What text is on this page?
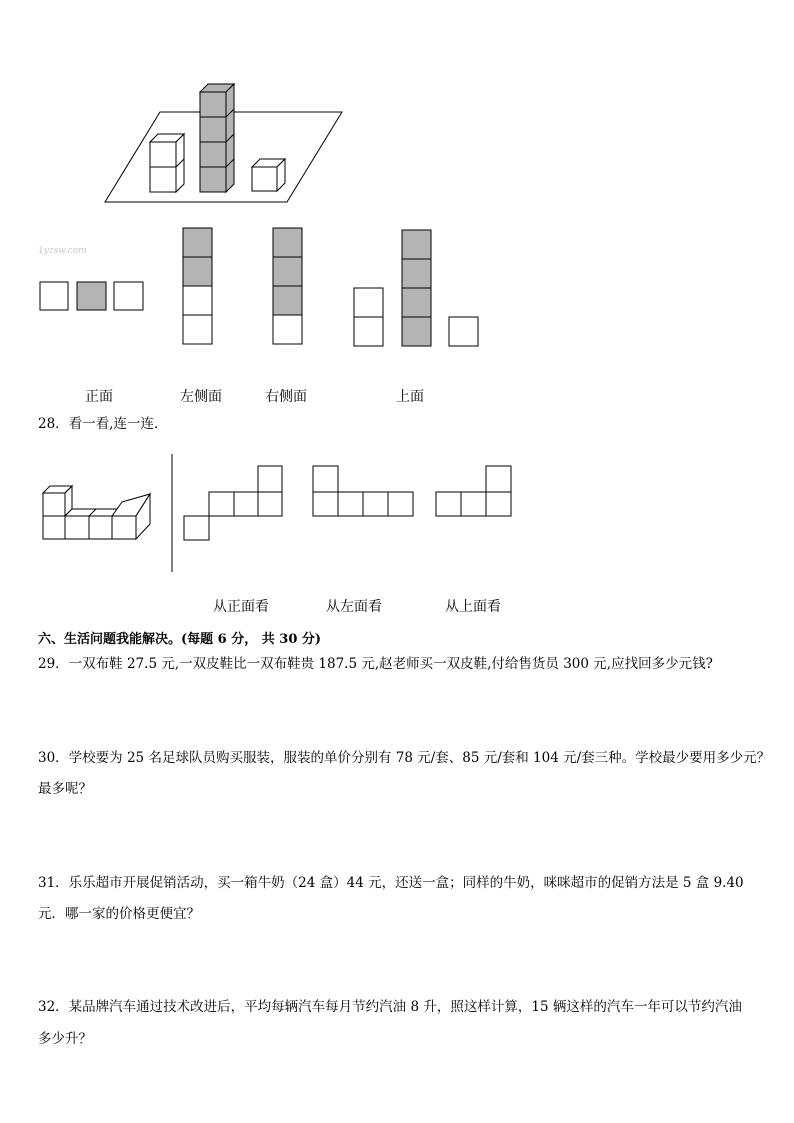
1yzsw.com
正面	左侧面	右侧面	上面
28．看一看,连一连．
从正面看	从左面看	从上面看
六、生活问题我能解决。(每题 6 分， 共 30 分)
29．一双布鞋 27.5 元,一双皮鞋比一双布鞋贵 187.5 元,赵老师买一双皮鞋,付给售货员 300 元,应找回多少元钱?
30．学校要为 25 名足球队员购买服装，服装的单价分别有 78 元/套、85 元/套和 104 元/套三种。学校最少要用多少元？
最多呢？
31．乐乐超市开展促销活动，买一箱牛奶（24 盒）44 元，还送一盒；同样的牛奶，咪咪超市的促销方法是 5 盒 9.40
元．哪一家的价格更便宜？
32．某品牌汽车通过技术改进后，平均每辆汽车每月节约汽油 8 升，照这样计算，15 辆这样的汽车一年可以节约汽油
多少升？
